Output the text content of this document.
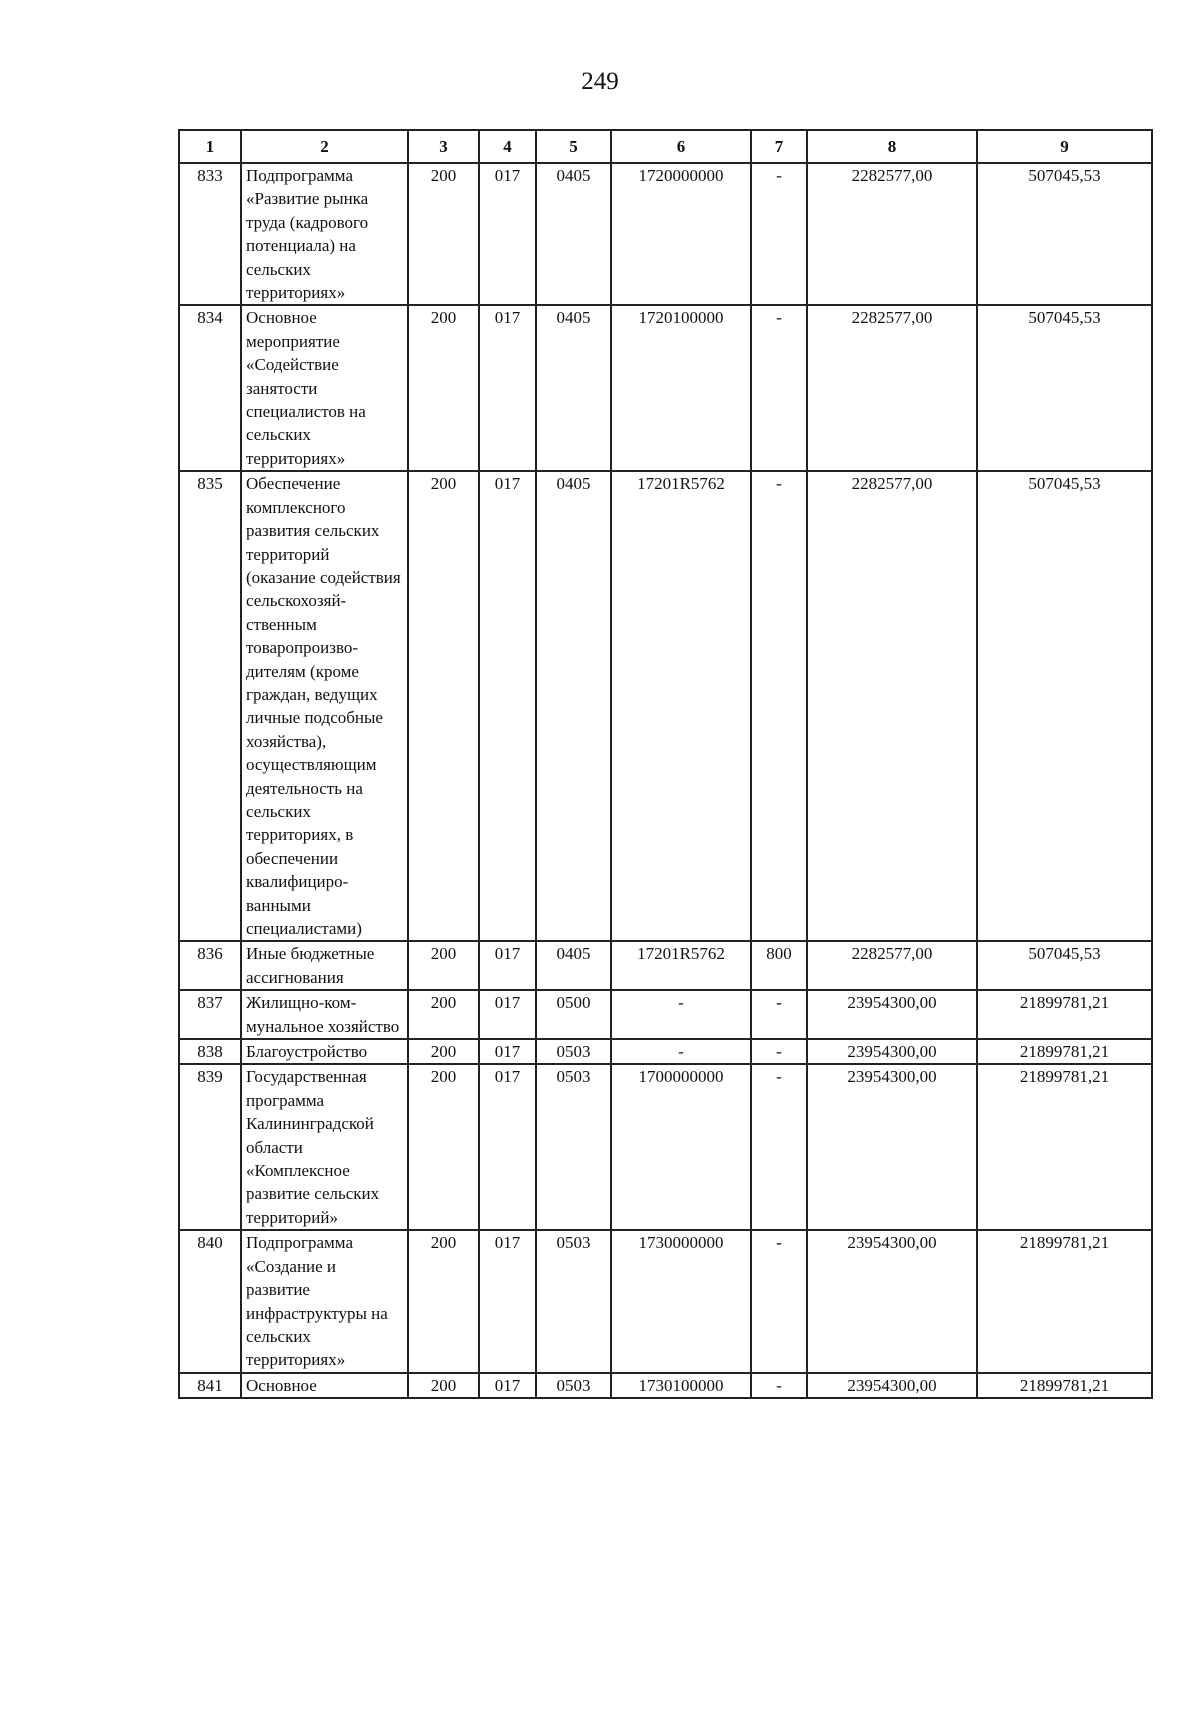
249
1	2	3	4	5	6	7	8	9
833	Подпрограмма «Развитие рынка труда (кадрового потенциала) на сельских территориях»	200	017	0405	1720000000	-	2282577,00	507045,53
834	Основное мероприятие «Содействие занятости специалистов на сельских территориях»	200	017	0405	1720100000	-	2282577,00	507045,53
835	Обеспечение комплексного развития сельских территорий (оказание содействия сельскохозяйственным товаропроизводителям (кроме граждан, ведущих личные подсобные хозяйства), осуществляющим деятельность на сельских территориях, в обеспечении квалифицированными специалистами)	200	017	0405	17201R5762	-	2282577,00	507045,53
836	Иные бюджетные ассигнования	200	017	0405	17201R5762	800	2282577,00	507045,53
837	Жилищно-коммунальное хозяйство	200	017	0500	-	-	23954300,00	21899781,21
838	Благоустройство	200	017	0503	-	-	23954300,00	21899781,21
839	Государственная программа Калининградской области «Комплексное развитие сельских территорий»	200	017	0503	1700000000	-	23954300,00	21899781,21
840	Подпрограмма «Создание и развитие инфраструктуры на сельских территориях»	200	017	0503	1730000000	-	23954300,00	21899781,21
841	Основное	200	017	0503	1730100000	-	23954300,00	21899781,21
